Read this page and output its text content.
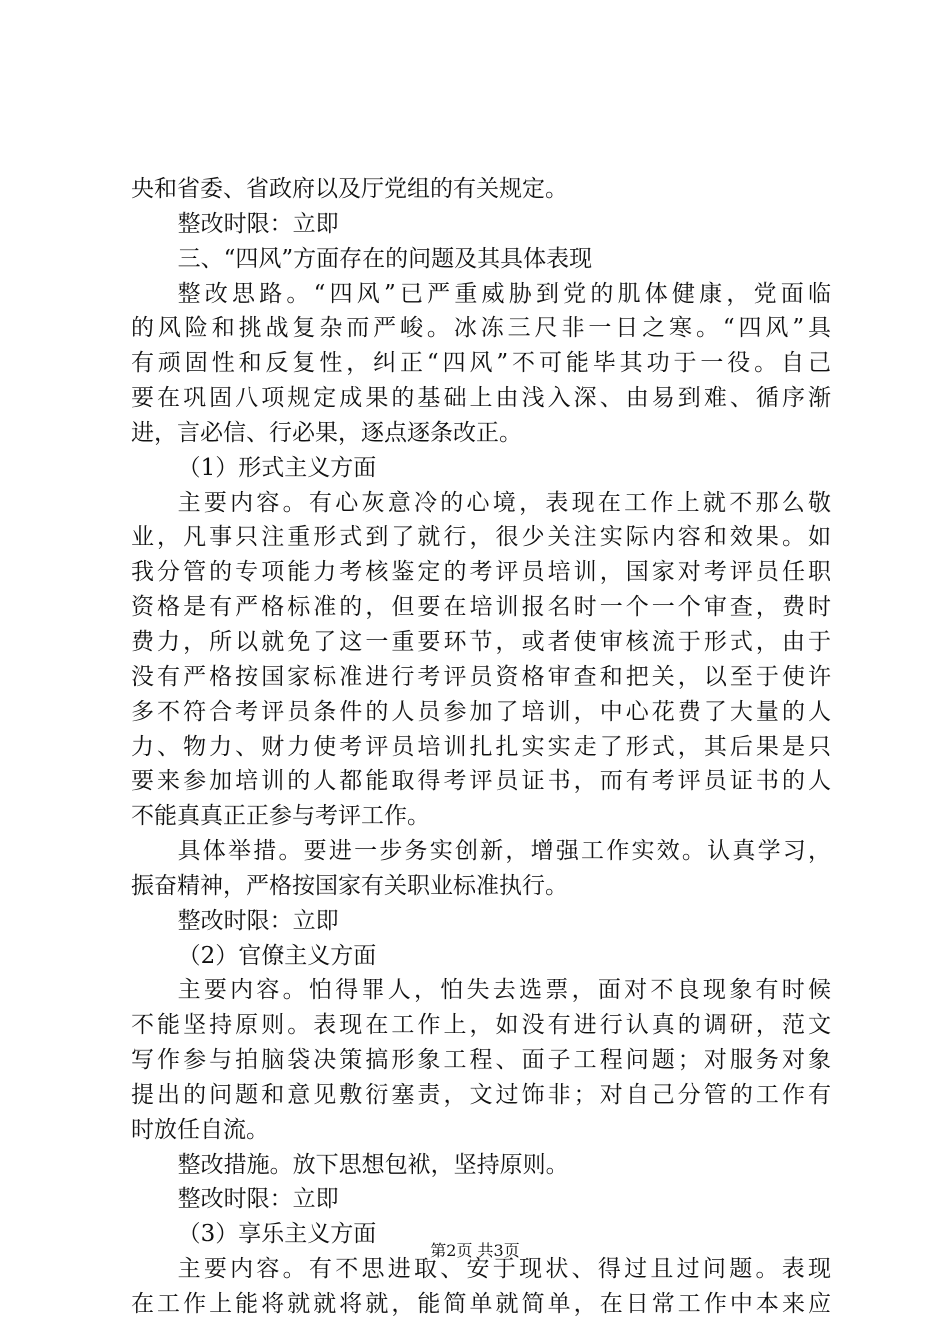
央和省委、省政府以及厅党组的有关规定。
整改时限：立即
三、“四风”方面存在的问题及其具体表现
整改思路。“四风”已严重威胁到党的肌体健康，党面临
的风险和挑战复杂而严峻。冰冻三尺非一日之寒。“四风”具
有顽固性和反复性，纠正“四风”不可能毕其功于一役。自己
要在巩固八项规定成果的基础上由浅入深、由易到难、循序渐
进，言必信、行必果，逐点逐条改正。
（1）形式主义方面
主要内容。有心灰意冷的心境，表现在工作上就不那么敬
业，凡事只注重形式到了就行，很少关注实际内容和效果。如
我分管的专项能力考核鉴定的考评员培训，国家对考评员任职
资格是有严格标准的，但要在培训报名时一个一个审查，费时
费力，所以就免了这一重要环节，或者使审核流于形式，由于
没有严格按国家标准进行考评员资格审查和把关，以至于使许
多不符合考评员条件的人员参加了培训，中心花费了大量的人
力、物力、财力使考评员培训扎扎实实走了形式，其后果是只
要来参加培训的人都能取得考评员证书，而有考评员证书的人
不能真真正正参与考评工作。
具体举措。要进一步务实创新，增强工作实效。认真学习，
振奋精神，严格按国家有关职业标准执行。
整改时限：立即
（2）官僚主义方面
主要内容。怕得罪人，怕失去选票，面对不良现象有时候
不能坚持原则。表现在工作上，如没有进行认真的调研，范文
写作参与拍脑袋决策搞形象工程、面子工程问题；对服务对象
提出的问题和意见敷衍塞责，文过饰非；对自己分管的工作有
时放任自流。
整改措施。放下思想包袱，坚持原则。
整改时限：立即
（3）享乐主义方面
主要内容。有不思进取、安于现状、得过且过问题。表现
在工作上能将就就将就，能简单就简单，在日常工作中本来应
第2页 共3页
